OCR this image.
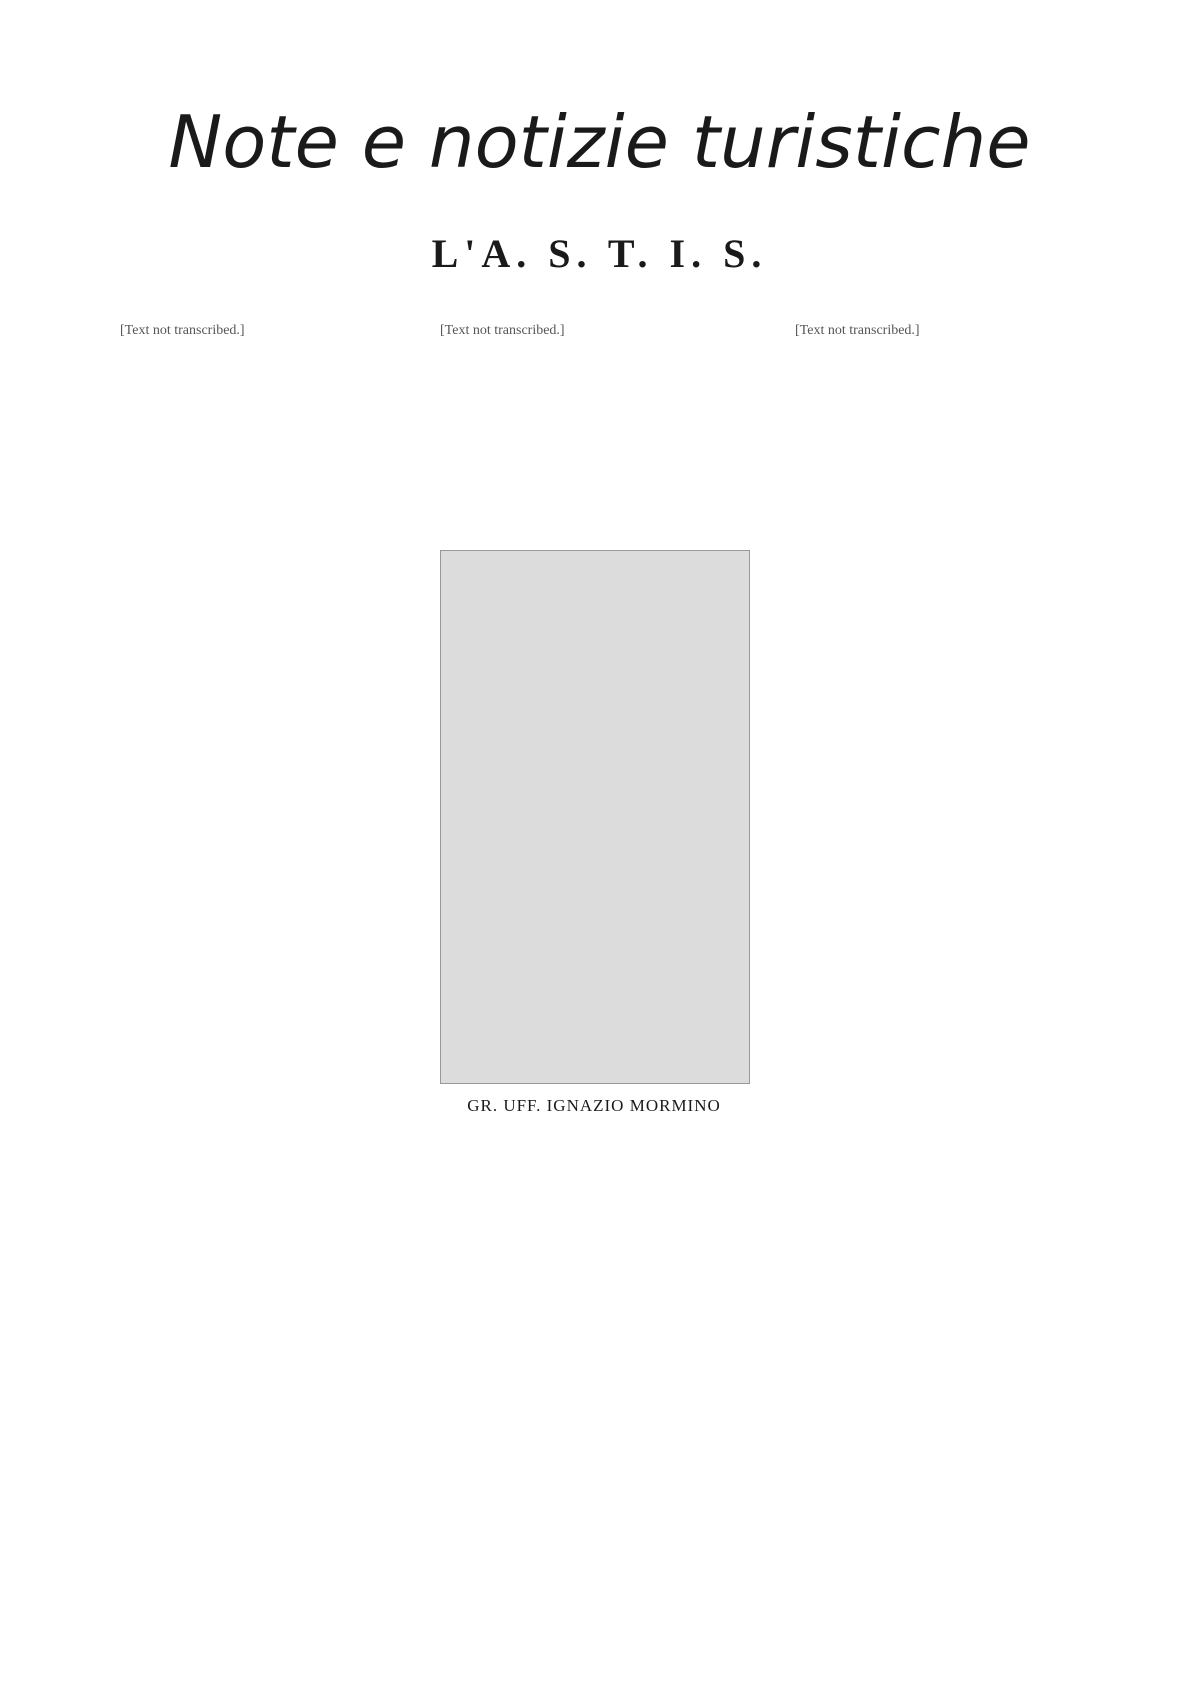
Note e notizie turistiche
L'A. S. T. I. S.
[Text not transcribed.]	[Text not transcribed.]	[Text not transcribed.]
GR. UFF. IGNAZIO MORMINO
